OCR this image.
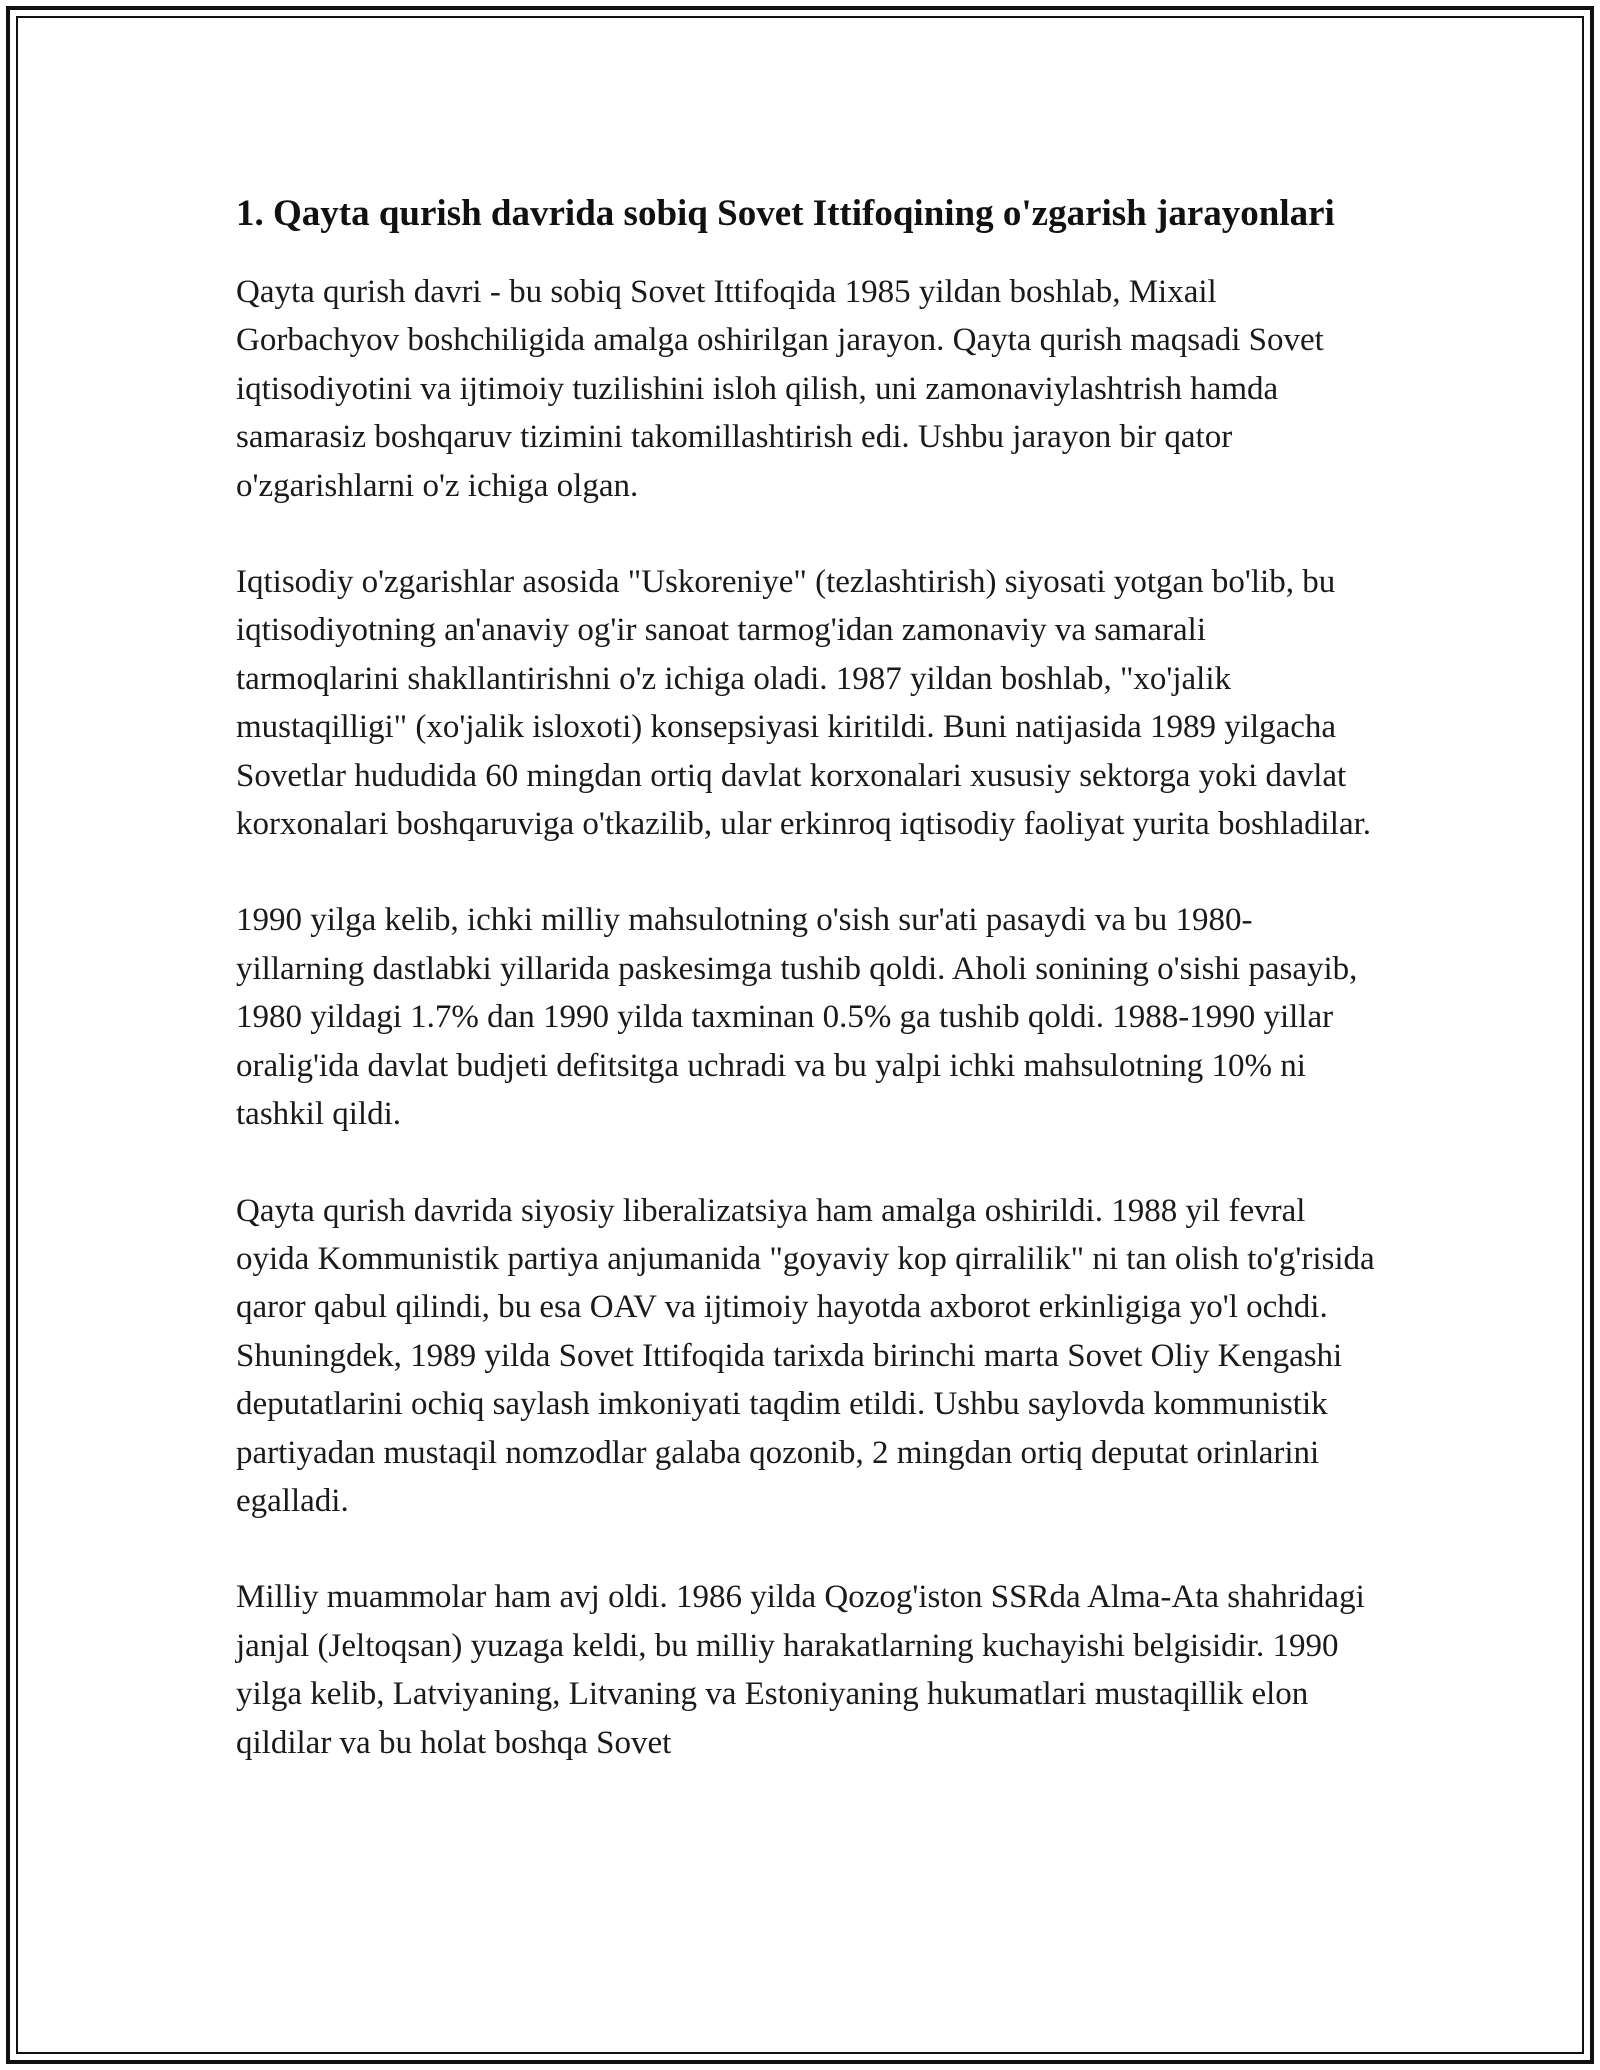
1. Qayta qurish davrida sobiq Sovet Ittifoqining o'zgarish jarayonlari

Qayta qurish davri - bu sobiq Sovet Ittifoqida 1985 yildan boshlab, Mixail Gorbachyov boshchiligida amalga oshirilgan jarayon. Qayta qurish maqsadi Sovet iqtisodiyotini va ijtimoiy tuzilishini isloh qilish, uni zamonaviylashtrish hamda samarasiz boshqaruv tizimini takomillashtirish edi. Ushbu jarayon bir qator o'zgarishlarni o'z ichiga olgan.

Iqtisodiy o'zgarishlar asosida "Uskoreniye" (tezlashtirish) siyosati yotgan bo'lib, bu iqtisodiyotning an'anaviy og'ir sanoat tarmog'idan zamonaviy va samarali tarmoqlarini shakllantirishni o'z ichiga oladi. 1987 yildan boshlab, "xo'jalik mustaqilligi" (xo'jalik isloxoti) konsepsiyasi kiritildi. Buni natijasida 1989 yilgacha Sovetlar hududida 60 mingdan ortiq davlat korxonalari xususiy sektorga yoki davlat korxonalari boshqaruviga o'tkazilib, ular erkinroq iqtisodiy faoliyat yurita boshladilar.

1990 yilga kelib, ichki milliy mahsulotning o'sish sur'ati pasaydi va bu 1980-yillarning dastlabki yillarida paskesimga tushib qoldi. Aholi sonining o'sishi pasayib, 1980 yildagi 1.7% dan 1990 yilda taxminan 0.5% ga tushib qoldi. 1988-1990 yillar oralig'ida davlat budjeti defitsitga uchradi va bu yalpi ichki mahsulotning 10% ni tashkil qildi.

Qayta qurish davrida siyosiy liberalizatsiya ham amalga oshirildi. 1988 yil fevral oyida Kommunistik partiya anjumanida "goyaviy kop qirralilik" ni tan olish to'g'risida qaror qabul qilindi, bu esa OAV va ijtimoiy hayotda axborot erkinligiga yo'l ochdi. Shuningdek, 1989 yilda Sovet Ittifoqida tarixda birinchi marta Sovet Oliy Kengashi deputatlarini ochiq saylash imkoniyati taqdim etildi. Ushbu saylovda kommunistik partiyadan mustaqil nomzodlar galaba qozonib, 2 mingdan ortiq deputat orinlarini egalladi.

Milliy muammolar ham avj oldi. 1986 yilda Qozog'iston SSRda Alma-Ata shahridagi janjal (Jeltoqsan) yuzaga keldi, bu milliy harakatlarning kuchayishi belgisidir. 1990 yilga kelib, Latviyaning, Litvaning va Estoniyaning hukumatlari mustaqillik elon qildilar va bu holat boshqa Sovet
